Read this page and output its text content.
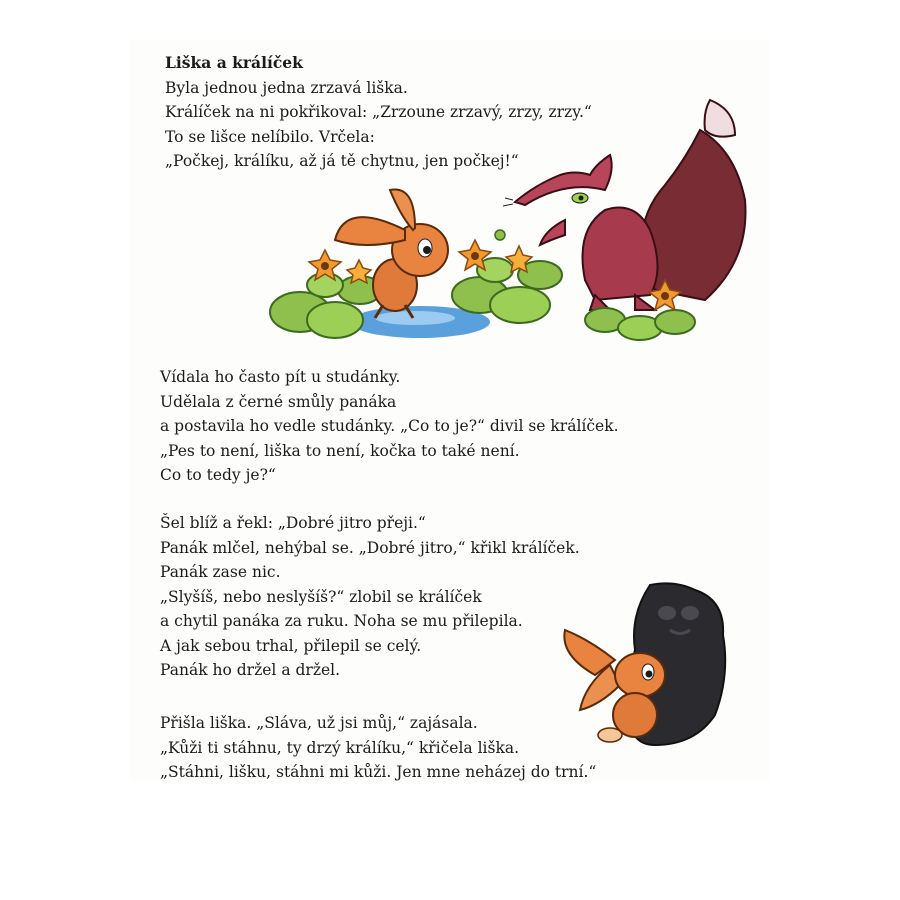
Liška a králíček
Byla jednou jedna zrzavá liška.
Králíček na ni pokřikoval: „Zrzoune zrzavý, zrzy, zrzy.“
To se lišce nelíbilo. Vrčela:
„Počkej, králíku, až já tě chytnu, jen počkej!“
Vídala ho často pít u studánky.
Udělala z černé smůly panáka
a postavila ho vedle studánky. „Co to je?“ divil se králíček.
„Pes to není, liška to není, kočka to také není.
Co to tedy je?“
Šel blíž a řekl: „Dobré jitro přeji.“
Panák mlčel, nehýbal se. „Dobré jitro,“ křikl králíček.
Panák zase nic.
„Slyšíš, nebo neslyšíš?“ zlobil se králíček
a chytil panáka za ruku. Noha se mu přilepila.
A jak sebou trhal, přilepil se celý.
Panák ho držel a držel.
Přišla liška. „Sláva, už jsi můj,“ zajásala.
„Kůži ti stáhnu, ty drzý králíku,“ křičela liška.
„Stáhni, lišku, stáhni mi kůži. Jen mne neházej do trní.“
